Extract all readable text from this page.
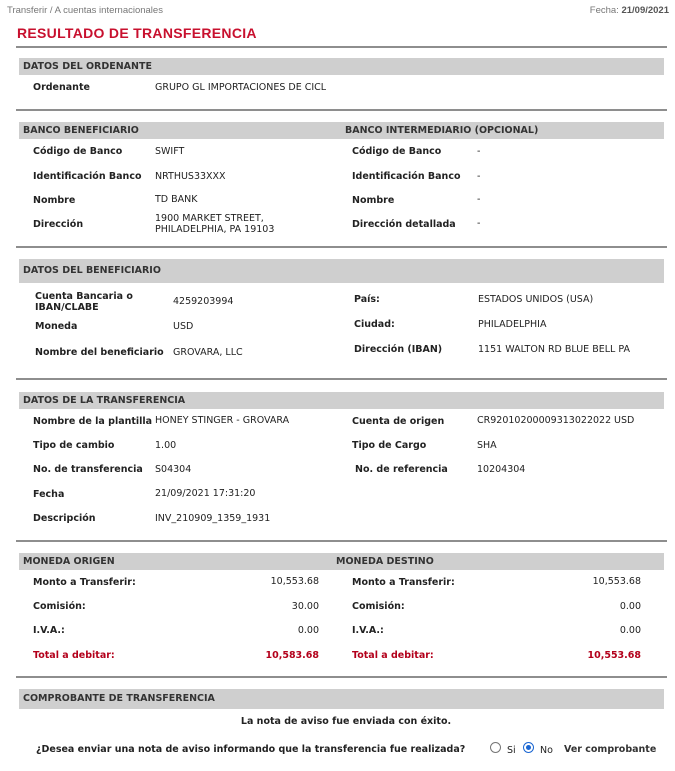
Transferir / A cuentas internacionales	Fecha: 21/09/2021
RESULTADO DE TRANSFERENCIA
DATOS DEL ORDENANTE
Ordenante	GRUPO GL IMPORTACIONES DE CICL
BANCO BENEFICIARIO	BANCO INTERMEDIARIO (OPCIONAL)
Código de Banco	SWIFT
Identificación Banco NRTHUS33XXX
Nombre	TD BANK
Dirección
1900 MARKET STREET,
PHILADELPHIA, PA 19103
Código de Banco	-
Identificación Banco -
Nombre	-
Dirección detallada -
DATOS DEL BENEFICIARIO
Cuenta Bancaria o
IBAN/CLABE
4259203994
Moneda	USD
Nombre del beneficiario GROVARA, LLC
País:	ESTADOS UNIDOS (USA)
Ciudad:	PHILADELPHIA
Dirección (IBAN)	1151 WALTON RD BLUE BELL PA
DATOS DE LA TRANSFERENCIA
Nombre de la plantilla HONEY STINGER - GROVARA
Tipo de cambio	1.00
No. de transferencia S04304
Fecha	21/09/2021 17:31:20
Descripción	INV_210909_1359_1931
Cuenta de origen	CR92010200009313022022 USD
Tipo de Cargo	SHA
No. de referencia	10204304
MONEDA ORIGEN	MONEDA DESTINO
Monto a Transferir:	10,553.68
Comisión:	30.00
I.V.A.:	0.00
Total a debitar:	10,583.68
Monto a Transferir:	10,553.68
Comisión:	0.00
I.V.A.:	0.00
Total a debitar:	10,553.68
COMPROBANTE DE TRANSFERENCIA
La nota de aviso fue enviada con éxito.
¿Desea enviar una nota de aviso informando que la transferencia fue realizada?	Si	No Ver comprobante
